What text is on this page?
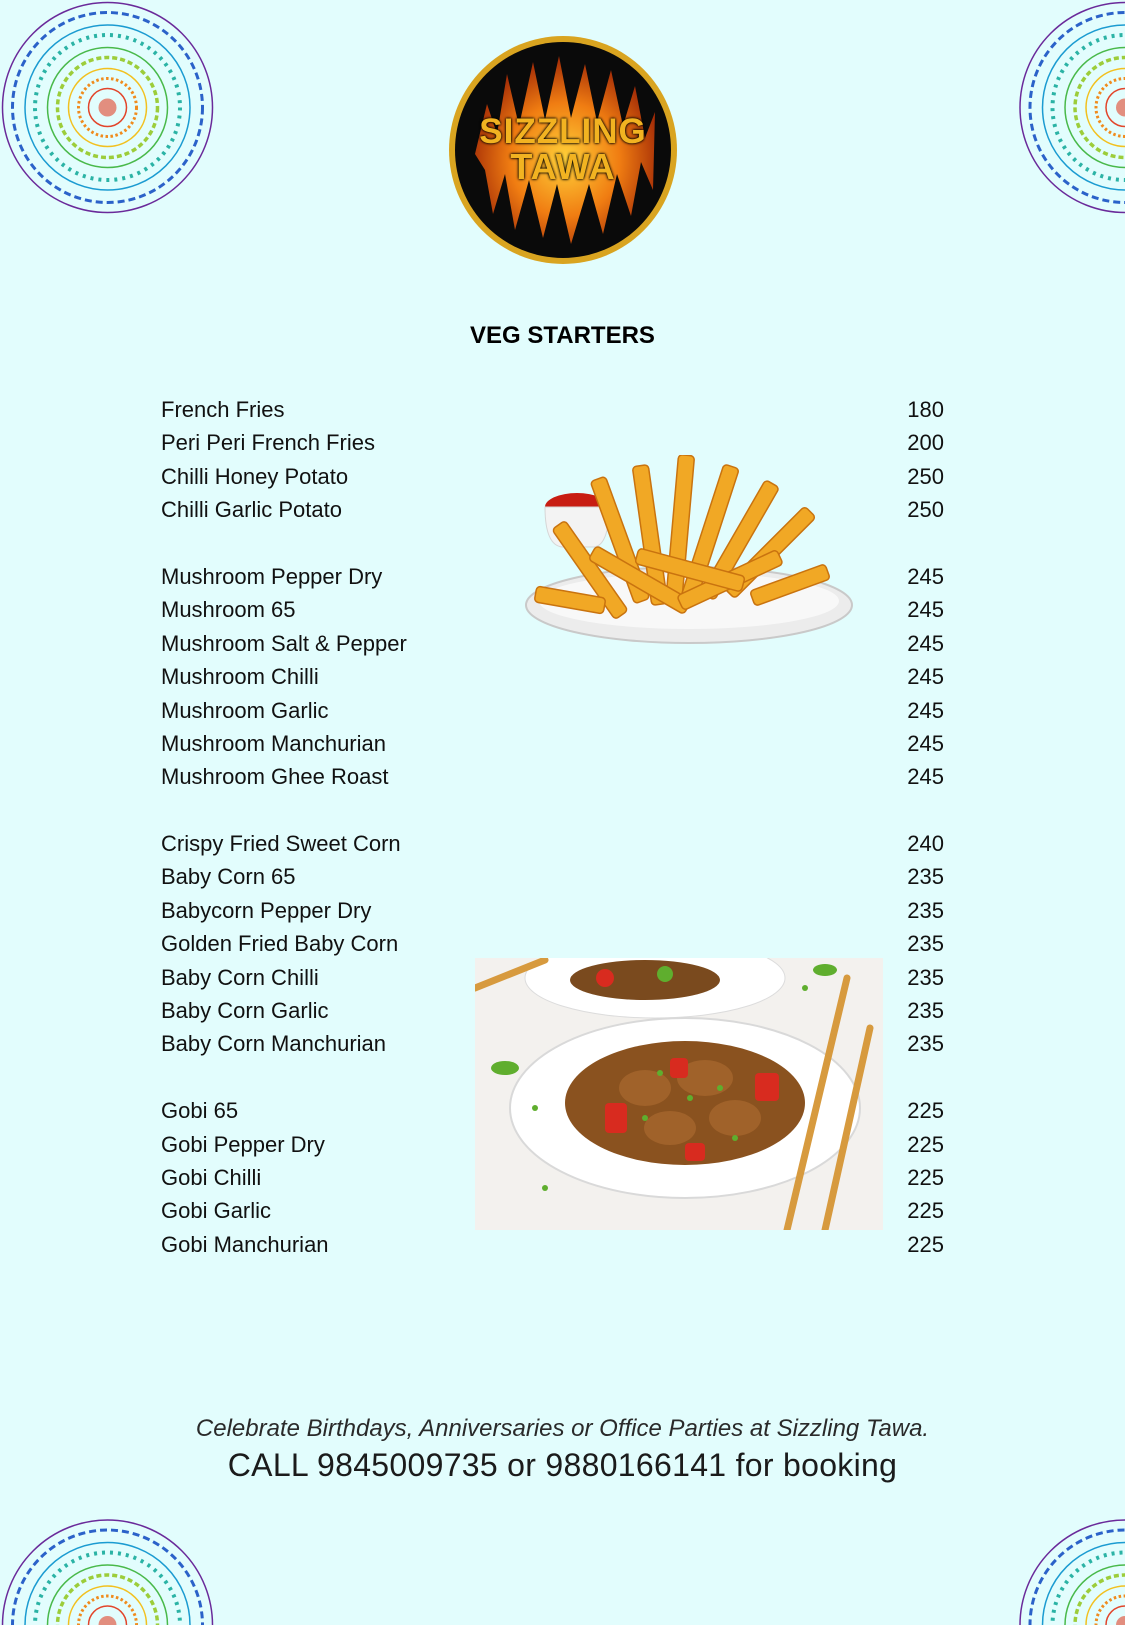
SIZZLING
TAWA
VEG STARTERS
French Fries	180
Peri Peri French Fries	200
Chilli Honey Potato	250
Chilli Garlic Potato	250
Mushroom Pepper Dry	245
Mushroom 65	245
Mushroom Salt & Pepper	245
Mushroom Chilli	245
Mushroom Garlic	245
Mushroom Manchurian	245
Mushroom Ghee Roast	245
Crispy Fried Sweet Corn	240
Baby Corn 65	235
Babycorn Pepper Dry	235
Golden Fried Baby Corn	235
Baby Corn Chilli	235
Baby Corn Garlic	235
Baby Corn Manchurian	235
Gobi 65	225
Gobi Pepper Dry	225
Gobi Chilli	225
Gobi Garlic	225
Gobi Manchurian	225
Celebrate Birthdays, Anniversaries or Office Parties at Sizzling Tawa.
CALL 9845009735 or 9880166141 for booking
